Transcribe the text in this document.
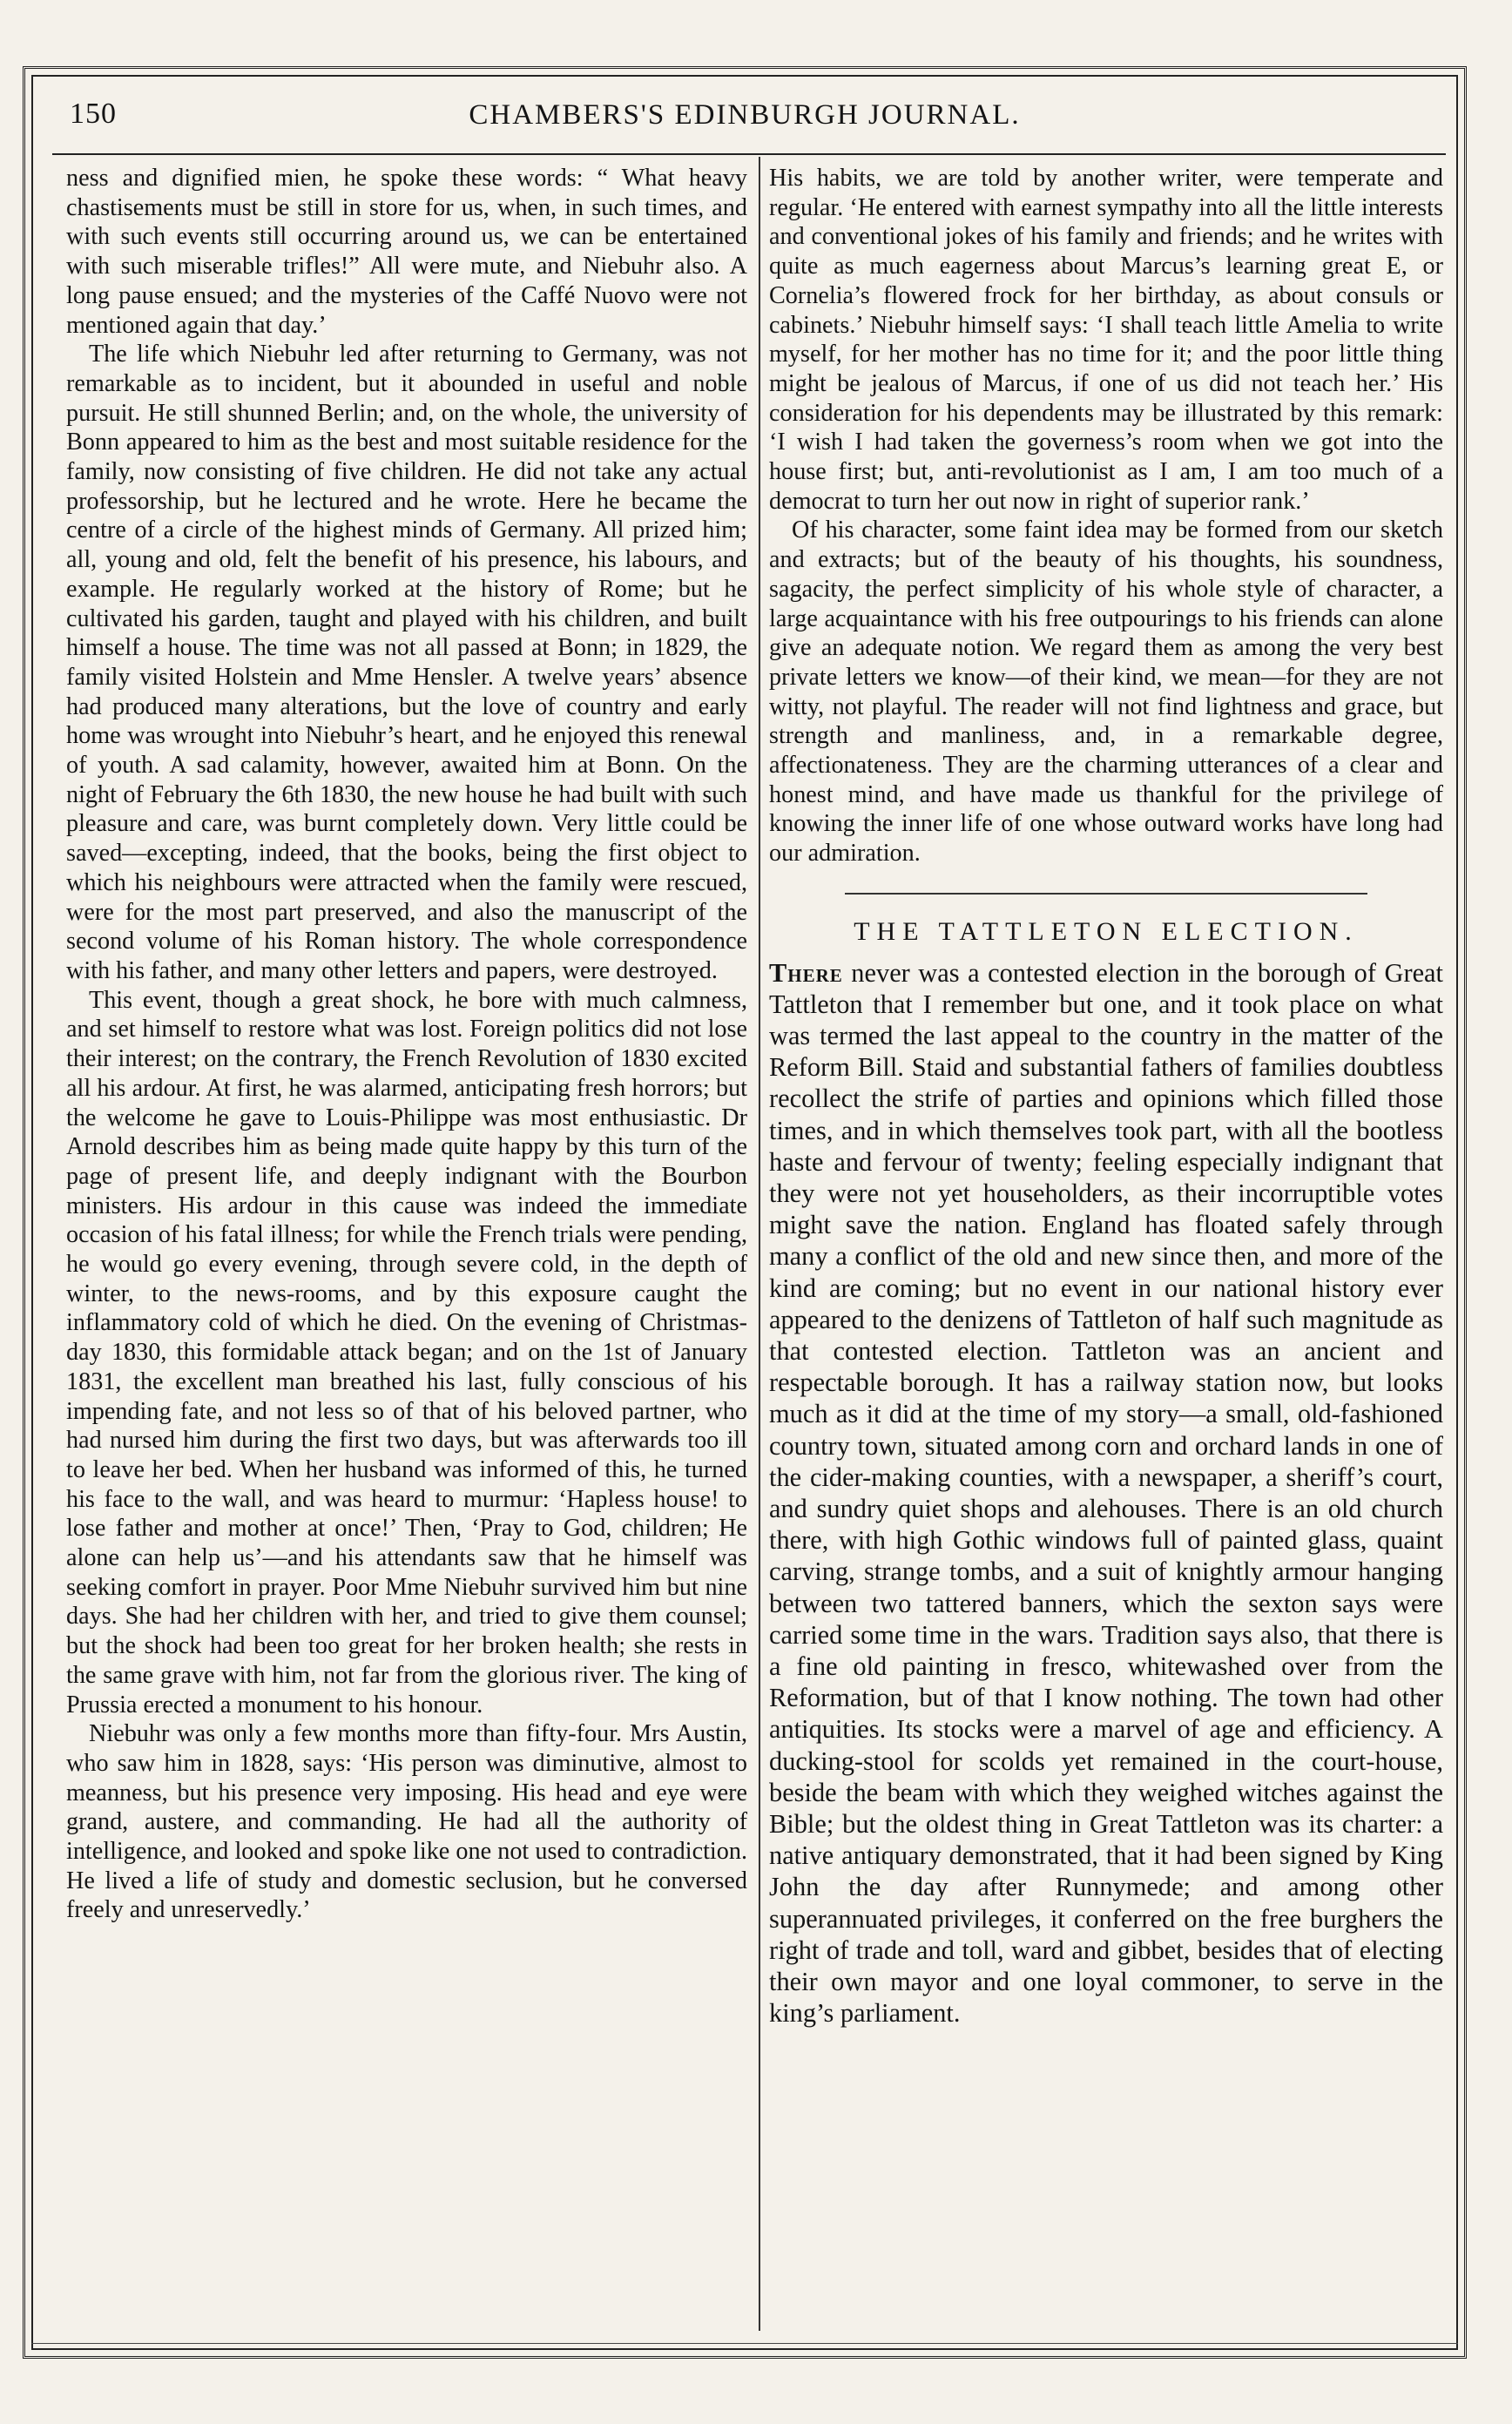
150	CHAMBERS'S EDINBURGH JOURNAL.

ness and dignified mien, he spoke these words: “ What heavy chastisements must be still in store for us, when, in such times, and with such events still occurring around us, we can be entertained with such miserable trifles!” All were mute, and Niebuhr also. A long pause ensued; and the mysteries of the Caffé Nuovo were not mentioned again that day.’

The life which Niebuhr led after returning to Germany, was not remarkable as to incident, but it abounded in useful and noble pursuit. He still shunned Berlin; and, on the whole, the university of Bonn appeared to him as the best and most suitable residence for the family, now consisting of five children. He did not take any actual professorship, but he lectured and he wrote. Here he became the centre of a circle of the highest minds of Germany. All prized him; all, young and old, felt the benefit of his presence, his labours, and example. He regularly worked at the history of Rome; but he cultivated his garden, taught and played with his children, and built himself a house. The time was not all passed at Bonn; in 1829, the family visited Holstein and Mme Hensler. A twelve years’ absence had produced many alterations, but the love of country and early home was wrought into Niebuhr’s heart, and he enjoyed this renewal of youth. A sad calamity, however, awaited him at Bonn. On the night of February the 6th 1830, the new house he had built with such pleasure and care, was burnt completely down. Very little could be saved—excepting, indeed, that the books, being the first object to which his neighbours were attracted when the family were rescued, were for the most part preserved, and also the manuscript of the second volume of his Roman history. The whole correspondence with his father, and many other letters and papers, were destroyed.

This event, though a great shock, he bore with much calmness, and set himself to restore what was lost. Foreign politics did not lose their interest; on the contrary, the French Revolution of 1830 excited all his ardour. At first, he was alarmed, anticipating fresh horrors; but the welcome he gave to Louis-Philippe was most enthusiastic. Dr Arnold describes him as being made quite happy by this turn of the page of present life, and deeply indignant with the Bourbon ministers. His ardour in this cause was indeed the immediate occasion of his fatal illness; for while the French trials were pending, he would go every evening, through severe cold, in the depth of winter, to the news-rooms, and by this exposure caught the inflammatory cold of which he died. On the evening of Christmas-day 1830, this formidable attack began; and on the 1st of January 1831, the excellent man breathed his last, fully conscious of his impending fate, and not less so of that of his beloved partner, who had nursed him during the first two days, but was afterwards too ill to leave her bed. When her husband was informed of this, he turned his face to the wall, and was heard to murmur: ‘Hapless house! to lose father and mother at once!’ Then, ‘Pray to God, children; He alone can help us’—and his attendants saw that he himself was seeking comfort in prayer. Poor Mme Niebuhr survived him but nine days. She had her children with her, and tried to give them counsel; but the shock had been too great for her broken health; she rests in the same grave with him, not far from the glorious river. The king of Prussia erected a monument to his honour.

Niebuhr was only a few months more than fifty-four. Mrs Austin, who saw him in 1828, says: ‘His person was diminutive, almost to meanness, but his presence very imposing. His head and eye were grand, austere, and commanding. He had all the authority of intelligence, and looked and spoke like one not used to contradiction. He lived a life of study and domestic seclusion, but he conversed freely and unreservedly.’

His habits, we are told by another writer, were temperate and regular. ‘He entered with earnest sympathy into all the little interests and conventional jokes of his family and friends; and he writes with quite as much eagerness about Marcus’s learning great E, or Cornelia’s flowered frock for her birthday, as about consuls or cabinets.’ Niebuhr himself says: ‘I shall teach little Amelia to write myself, for her mother has no time for it; and the poor little thing might be jealous of Marcus, if one of us did not teach her.’ His consideration for his dependents may be illustrated by this remark: ‘I wish I had taken the governess’s room when we got into the house first; but, anti-revolutionist as I am, I am too much of a democrat to turn her out now in right of superior rank.’

Of his character, some faint idea may be formed from our sketch and extracts; but of the beauty of his thoughts, his soundness, sagacity, the perfect simplicity of his whole style of character, a large acquaintance with his free outpourings to his friends can alone give an adequate notion. We regard them as among the very best private letters we know—of their kind, we mean—for they are not witty, not playful. The reader will not find lightness and grace, but strength and manliness, and, in a remarkable degree, affectionateness. They are the charming utterances of a clear and honest mind, and have made us thankful for the privilege of knowing the inner life of one whose outward works have long had our admiration.

THE TATTLETON ELECTION.

There never was a contested election in the borough of Great Tattleton that I remember but one, and it took place on what was termed the last appeal to the country in the matter of the Reform Bill. Staid and substantial fathers of families doubtless recollect the strife of parties and opinions which filled those times, and in which themselves took part, with all the bootless haste and fervour of twenty; feeling especially indignant that they were not yet householders, as their incorruptible votes might save the nation. England has floated safely through many a conflict of the old and new since then, and more of the kind are coming; but no event in our national history ever appeared to the denizens of Tattleton of half such magnitude as that contested election. Tattleton was an ancient and respectable borough. It has a railway station now, but looks much as it did at the time of my story—a small, old-fashioned country town, situated among corn and orchard lands in one of the cider-making counties, with a newspaper, a sheriff’s court, and sundry quiet shops and alehouses. There is an old church there, with high Gothic windows full of painted glass, quaint carving, strange tombs, and a suit of knightly armour hanging between two tattered banners, which the sexton says were carried some time in the wars. Tradition says also, that there is a fine old painting in fresco, whitewashed over from the Reformation, but of that I know nothing. The town had other antiquities. Its stocks were a marvel of age and efficiency. A ducking-stool for scolds yet remained in the court-house, beside the beam with which they weighed witches against the Bible; but the oldest thing in Great Tattleton was its charter: a native antiquary demonstrated, that it had been signed by King John the day after Runnymede; and among other superannuated privileges, it conferred on the free burghers the right of trade and toll, ward and gibbet, besides that of electing their own mayor and one loyal commoner, to serve in the king’s parliament.
